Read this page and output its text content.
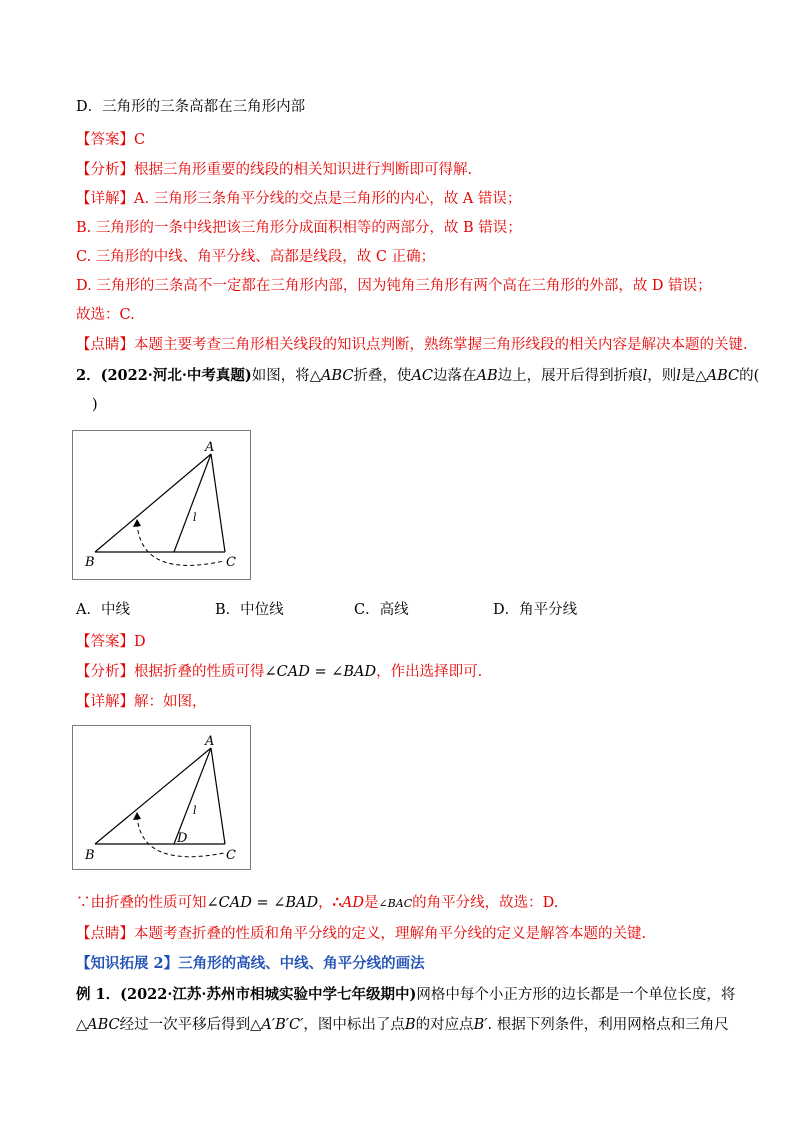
D．三角形的三条高都在三角形内部
【答案】C
【分析】根据三角形重要的线段的相关知识进行判断即可得解.
【详解】A. 三角形三条角平分线的交点是三角形的内心，故 A 错误；
B. 三角形的一条中线把该三角形分成面积相等的两部分，故 B 错误；
C. 三角形的中线、角平分线、高都是线段，故 C 正确；
D. 三角形的三条高不一定都在三角形内部，因为钝角三角形有两个高在三角形的外部，故 D 错误；
故选：C.
【点睛】本题主要考查三角形相关线段的知识点判断，熟练掌握三角形线段的相关内容是解决本题的关键.
2．(2022·河北·中考真题)如图，将△ABC折叠，使AC边落在AB边上，展开后得到折痕l，则l是△ABC的(
)
A
B	C
l
A．中线	B．中位线	C．高线	D．角平分线
【答案】D
【分析】根据折叠的性质可得∠CAD = ∠BAD，作出选择即可.
【详解】解：如图，
A
B	C
D
l
∵由折叠的性质可知∠CAD = ∠BAD，∴AD是∠BAC的角平分线，故选：D.
【点睛】本题考查折叠的性质和角平分线的定义，理解角平分线的定义是解答本题的关键.
【知识拓展 2】三角形的高线、中线、角平分线的画法
例 1．(2022·江苏·苏州市相城实验中学七年级期中)网格中每个小正方形的边长都是一个单位长度，将
△ABC经过一次平移后得到△A′B′C′，图中标出了点B的对应点B′. 根据下列条件，利用网格点和三角尺
